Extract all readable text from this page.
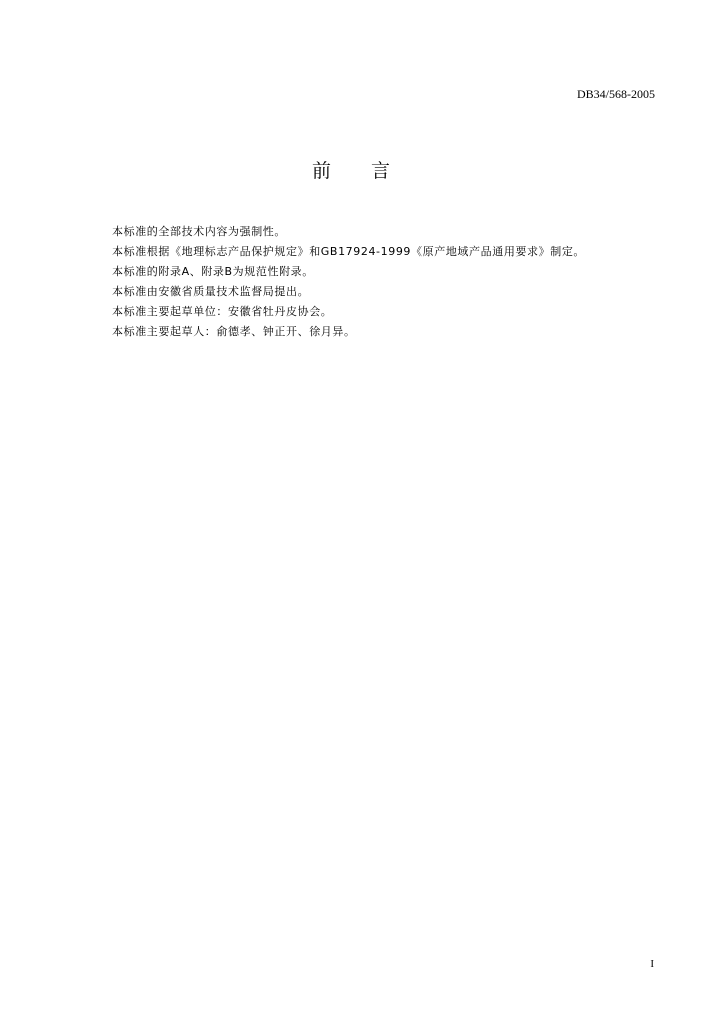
DB34/568-2005
前言
本标准的全部技术内容为强制性。
本标准根据《地理标志产品保护规定》和GB17924-1999《原产地域产品通用要求》制定。
本标准的附录A、附录B为规范性附录。
本标准由安徽省质量技术监督局提出。
本标准主要起草单位：安徽省牡丹皮协会。
本标准主要起草人：俞德孝、钟正开、徐月异。
I
